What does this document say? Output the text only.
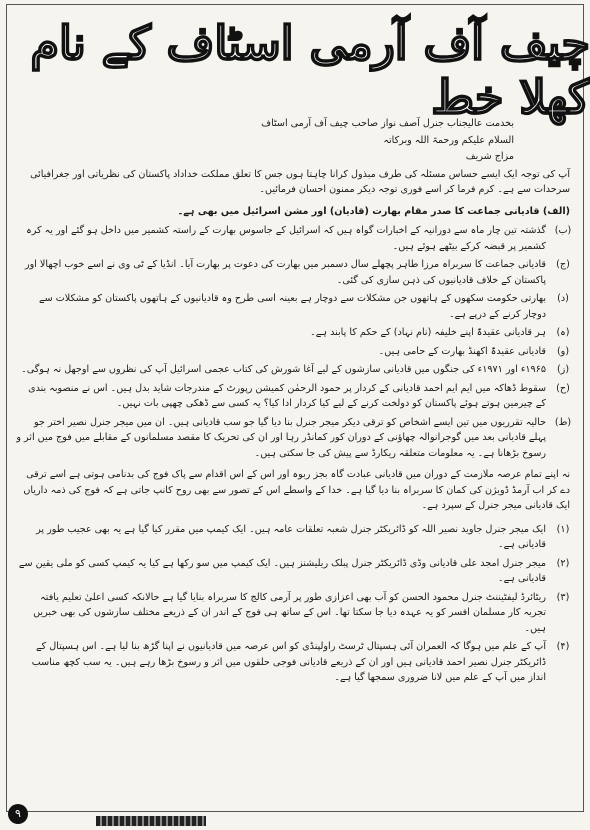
چیف آف آرمی اسٹاف کے نام کھلا خط
بخدمت عالیجناب جنرل آصف نواز صاحب چیف آف آرمی اسٹاف
السلام علیکم ورحمۃ اللہ وبرکاتہ
مزاج شریف
آپ کی توجہ ایک ایسے حساس مسئلہ کی طرف مبذول کرانا چاہتا ہوں جس کا تعلق مملکت خداداد پاکستان کی نظریاتی اور جغرافیائی سرحدات سے ہے۔ کرم فرما کر اسے فوری توجہ دیکر ممنون احسان فرمائیں۔
(الف) قادیانی جماعت کا صدر مقام بھارت (قادیان) اور مشن اسرائیل میں بھی ہے۔
(ب)
گذشتہ تین چار ماہ سے دورانیہ کے اخبارات گواہ ہیں کہ اسرائیل کے جاسوس بھارت کے راستہ کشمیر میں داخل ہو گئے اور یہ کرہ کشمیر پر قبضہ کرکے بیٹھے ہوئے ہیں۔
(ج)
قادیانی جماعت کا سربراہ مرزا طاہر پچھلے سال دسمبر میں بھارت کی دعوت پر بھارت آیا۔ انڈیا کے ٹی وی نے اسے خوب اچھالا اور پاکستان کے خلاف قادیانیوں کی ذہن سازی کی گئی۔
(د)
بھارتی حکومت سکھوں کے ہاتھوں جن مشکلات سے دوچار ہے بعینہ اسی طرح وہ قادیانیوں کے ہاتھوں پاکستان کو مشکلات سے دوچار کرنے کے درپے ہے۔
(ہ)
ہر قادیانی عقیدۃً اپنے خلیفہ (نام نہاد) کے حکم کا پابند ہے۔
(و)
قادیانی عقیدۃً اکھنڈ بھارت کے حامی ہیں۔
(ز)
۱۹۶۵ء اور ۱۹۷۱ء کی جنگوں میں قادیانی سازشوں کے لیے آغا شورش کی کتاب عجمی اسرائیل آپ کی نظروں سے اوجھل نہ ہوگی۔
(ح)
سقوط ڈھاکہ میں ایم ایم احمد قادیانی کے کردار پر حمود الرحمٰن کمیشن رپورٹ کے مندرجات شاید بدل ہیں۔ اس نے منصوبہ بندی کے چیرمین ہوتے ہوئے پاکستان کو دولخت کرنے کے لیے کیا کردار ادا کیا؟ یہ کسی سے ڈھکی چھپی بات نہیں۔
(ط)
حالیہ تقرریوں میں تین ایسے اشخاص کو ترقی دیکر میجر جنرل بنا دیا گیا جو سب قادیانی ہیں۔ ان میں میجر جنرل نصیر اختر جو پہلے قادیانی بعد میں گوجرانوالہ چھاؤنی کے دوران کور کمانڈر رہا اور ان کی تحریک کا مقصد مسلمانوں کے مقابلے میں فوج میں اثر و رسوخ بڑھانا ہے۔ یہ معلومات متعلقہ ریکارڈ سے پیش کی جا سکتی ہیں۔
نہ اپنے تمام عرصہ ملازمت کے دوران میں قادیانی عبادت گاہ بجز ربوہ اور اس کے اس اقدام سے پاک فوج کی بدنامی ہوتی ہے اسے ترقی دے کر اب آرمڈ ڈویژن کی کمان کا سربراہ بنا دیا گیا ہے۔ خدا کے واسطے اس کے تصور سے بھی روح کانپ جاتی ہے کہ فوج کی ذمہ داریاں ایک قادیانی میجر جنرل کے سپرد ہے۔
(۱)
ایک میجر جنرل جاوید نصیر اللہ کو ڈائریکٹر جنرل شعبہ تعلقات عامہ ہیں۔ ایک کیمپ میں مقرر کیا گیا ہے یہ بھی عجیب طور پر قادیانی ہے۔
(۲)
میجر جنرل امجد علی قادیانی وڈی ڈائریکٹر جنرل پبلک ریلیشنز ہیں۔ ایک کیمپ میں سو رکھا ہے کیا یہ کیمپ کسی کو ملی یقین سے قادیانی ہے۔
(۳)
ریٹائرڈ لیفٹیننٹ جنرل محمود الحسن کو آب بھی اعزازی طور پر آرمی کالج کا سربراہ بنایا گیا ہے حالانکہ کسی اعلیٰ تعلیم یافتہ تجربہ کار مسلمان افسر کو یہ عہدہ دیا جا سکتا تھا۔ اس کے ساتھ ہی فوج کے اندر ان کے ذریعے مختلف سازشوں کی بھی خبریں ہیں۔
(۴)
آپ کے علم میں ہوگا کہ العمران آئی ہسپتال ٹرسٹ راولپنڈی کو اس عرصہ میں قادیانیوں نے اپنا گڑھ بنا لیا ہے۔ اس ہسپتال کے ڈائریکٹر جنرل نصیر احمد قادیانی ہیں اور ان کے ذریعے قادیانی فوجی حلقوں میں اثر و رسوخ بڑھا رہے ہیں۔ یہ سب کچھ مناسب انداز میں آپ کے علم میں لانا ضروری سمجھا گیا ہے۔
۹
